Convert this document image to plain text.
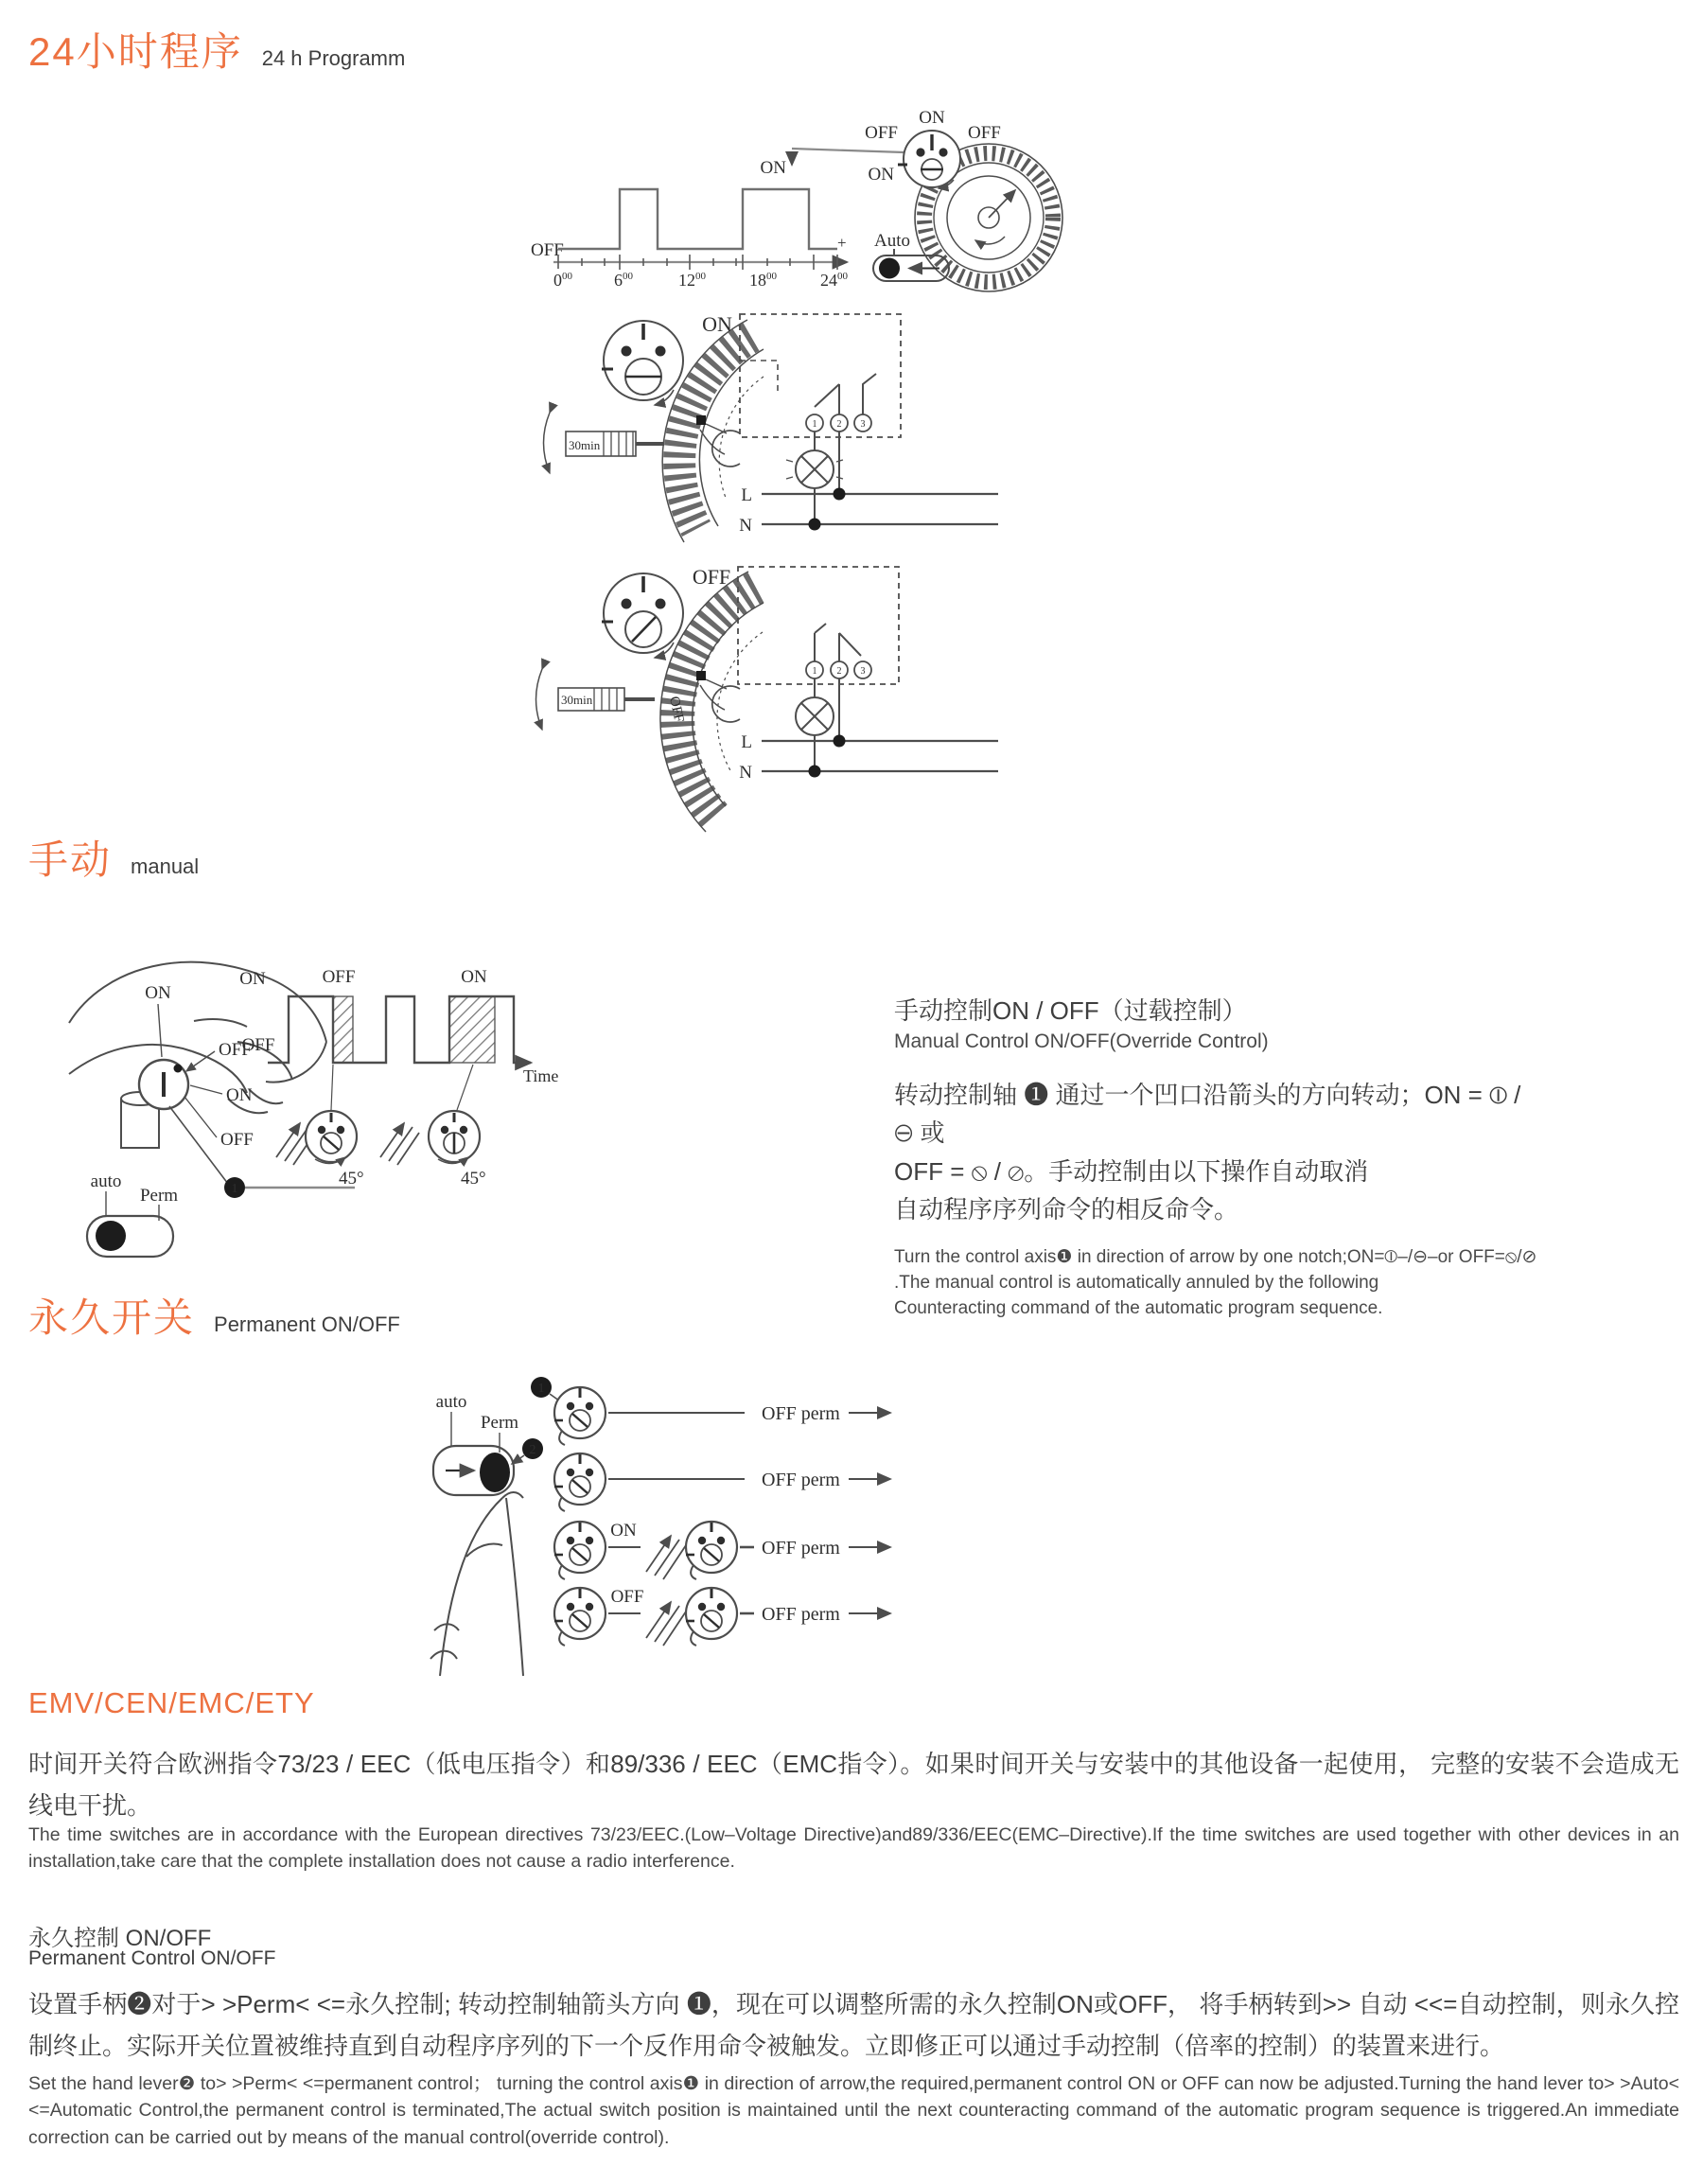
24小时程序 24 h Programm
ON
OFF	OFF
ON
ON
OFF	+
$0^{00}$ $6^{00}$	$12^{00}$	$18^{00}$	$24^{00}$
Auto
30min
ON
1 2 3
L
N
OFF
30min
OFF
1 2 3
L
N
手动 manual
ON
OFF
ON
OFF
auto
Perm	1
ON
OFF
OFF	ON
Time
45°	45°
手动控制ON / OFF（过载控制）
Manual Control ON/OFF(Override Control)
转动控制轴 ❶ 通过一个凹口沿箭头的方向转动；ON = ⦶ / ⊖ 或
OFF = ⦸ / ⊘。手动控制由以下操作自动取消
自动程序序列命令的相反命令。
Turn the control axis❶ in direction of arrow by one notch;ON=⦶–/⊖–or OFF=⦸/⊘
.The manual control is automatically annuled by the following
Counteracting command of the automatic program sequence.
永久开关 Permanent ON/OFF
auto
Perm
2
1
OFF perm
OFF perm
ON
OFF perm
OFF
OFF perm
EMV/CEN/EMC/ETY
时间开关符合欧洲指令73/23 / EEC（低电压指令）和89/336 / EEC（EMC指令）。如果时间开关与安装中的其他设备一起使用， 完整的安装不会造成无线电干扰。
The time switches are in accordance with the European directives 73/23/EEC.(Low–Voltage Directive)and89/336/EEC(EMC–Directive).If the time switches are used together with other devices in an installation,take care that the complete installation does not cause a radio interference.
永久控制 ON/OFF
Permanent Control ON/OFF
设置手柄❷对于> >Perm< <=永久控制; 转动控制轴箭头方向 ❶，现在可以调整所需的永久控制ON或OFF， 将手柄转到>> 自动 <<=自动控制，则永久控制终止。实际开关位置被维持直到自动程序序列的下一个反作用命令被触发。立即修正可以通过手动控制（倍率的控制）的装置来进行。
Set the hand lever❷ to> >Perm< <=permanent control； turning the control axis❶ in direction of arrow,the required,permanent control ON or OFF can now be adjusted.Turning the hand lever to> >Auto< <=Automatic Control,the permanent control is terminated,The actual switch position is maintained until the next counteracting command of the automatic program sequence is triggered.An immediate correction can be carried out by means of the manual control(override control).
